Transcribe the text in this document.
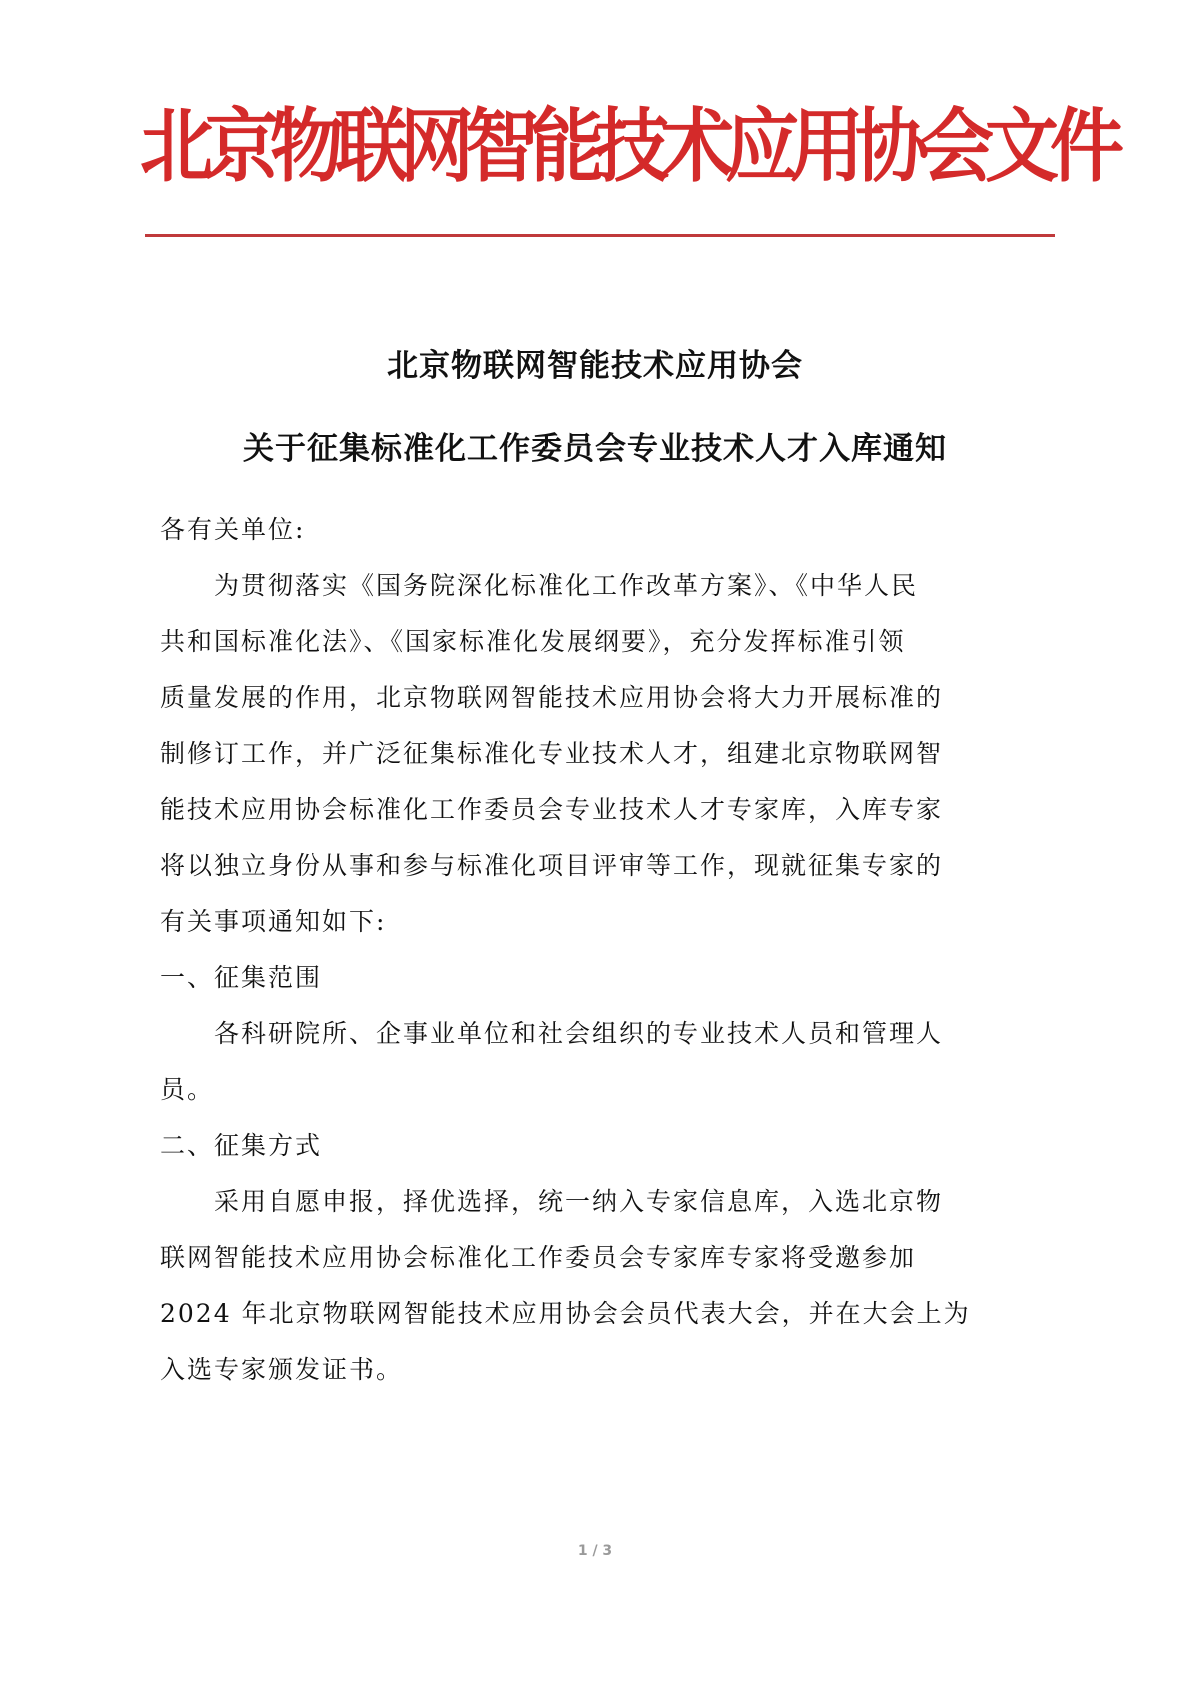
北
京
物
联
网
智
能
技
术
应
用
协
会
文
件
北京物联网智能技术应用协会
关于征集标准化工作委员会专业技术人才入库通知
各有关单位:
　　为贯彻落实《国务院深化标准化工作改革方案》、《中华人民
共和国标准化法》、《国家标准化发展纲要》，充分发挥标准引领
质量发展的作用，北京物联网智能技术应用协会将大力开展标准的
制修订工作，并广泛征集标准化专业技术人才，组建北京物联网智
能技术应用协会标准化工作委员会专业技术人才专家库，入库专家
将以独立身份从事和参与标准化项目评审等工作，现就征集专家的
有关事项通知如下:
一、征集范围
　　各科研院所、企事业单位和社会组织的专业技术人员和管理人
员。
二、征集方式
　　采用自愿申报，择优选择，统一纳入专家信息库，入选北京物
联网智能技术应用协会标准化工作委员会专家库专家将受邀参加
2024 年北京物联网智能技术应用协会会员代表大会，并在大会上为
入选专家颁发证书。
1 / 3
